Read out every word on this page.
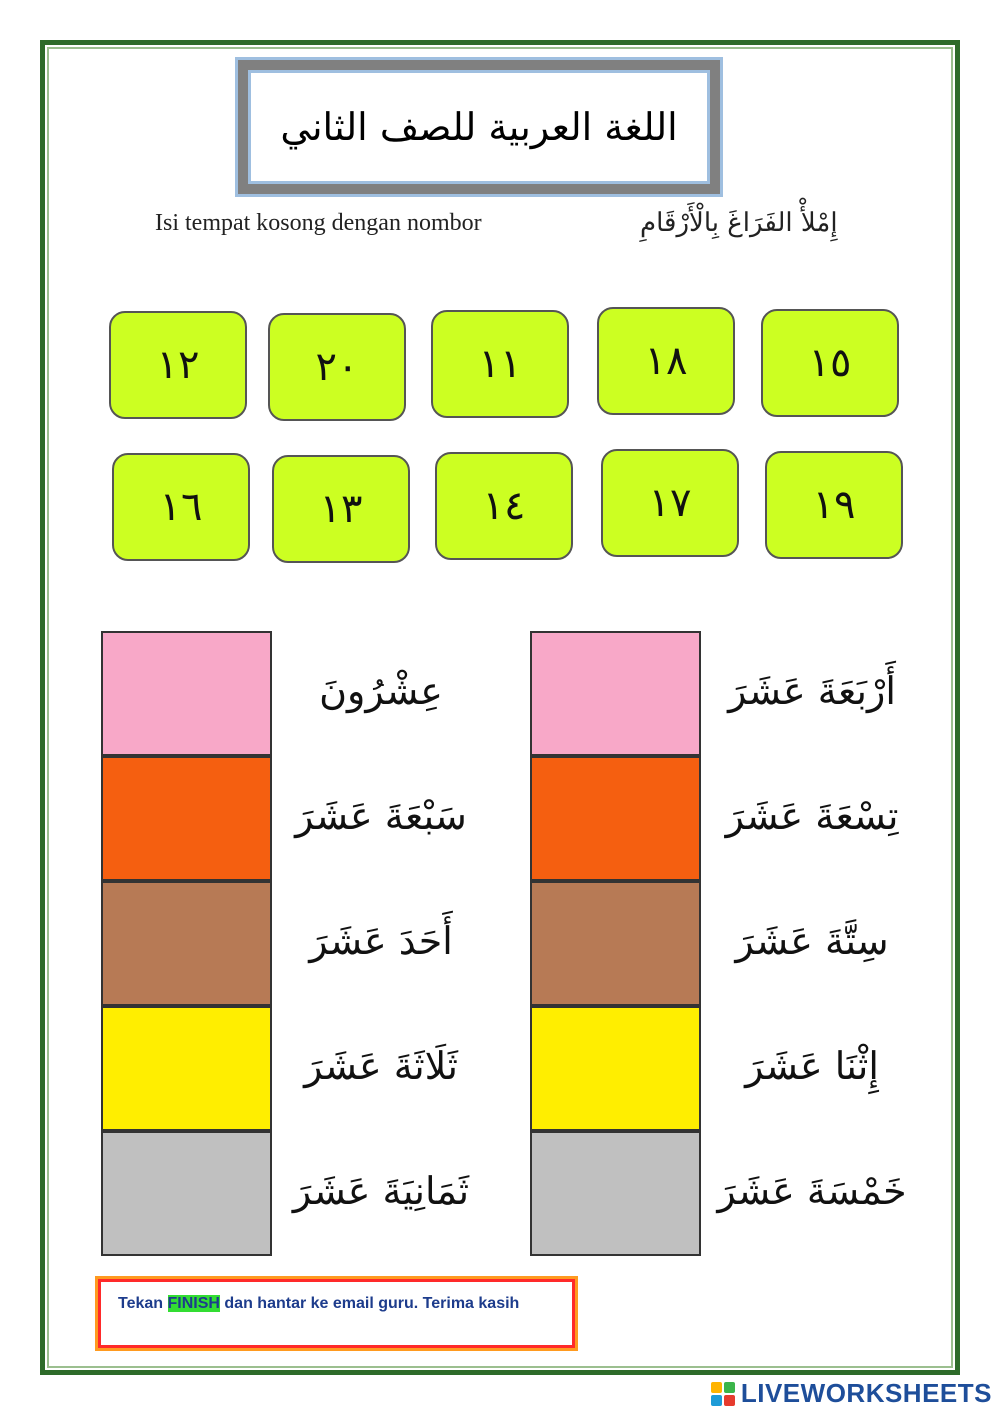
اللغة العربية للصف الثاني
Isi tempat kosong dengan nombor	إِمْلأْ الفَرَاغَ بِالْأَرْقَامِ
١٢	٢٠	١١	١٨	١٥
١٦	١٣	١٤	١٧	١٩
عِشْرُونَ
سَبْعَةَ عَشَرَ
أَحَدَ عَشَرَ
ثَلَاثَةَ عَشَرَ
ثَمَانِيَةَ عَشَرَ
أَرْبَعَةَ عَشَرَ
تِسْعَةَ عَشَرَ
سِتَّةَ عَشَرَ
إِثْنَا عَشَرَ
خَمْسَةَ عَشَرَ
Tekan FINISH dan hantar ke email guru. Terima kasih
LIVEWORKSHEETS
